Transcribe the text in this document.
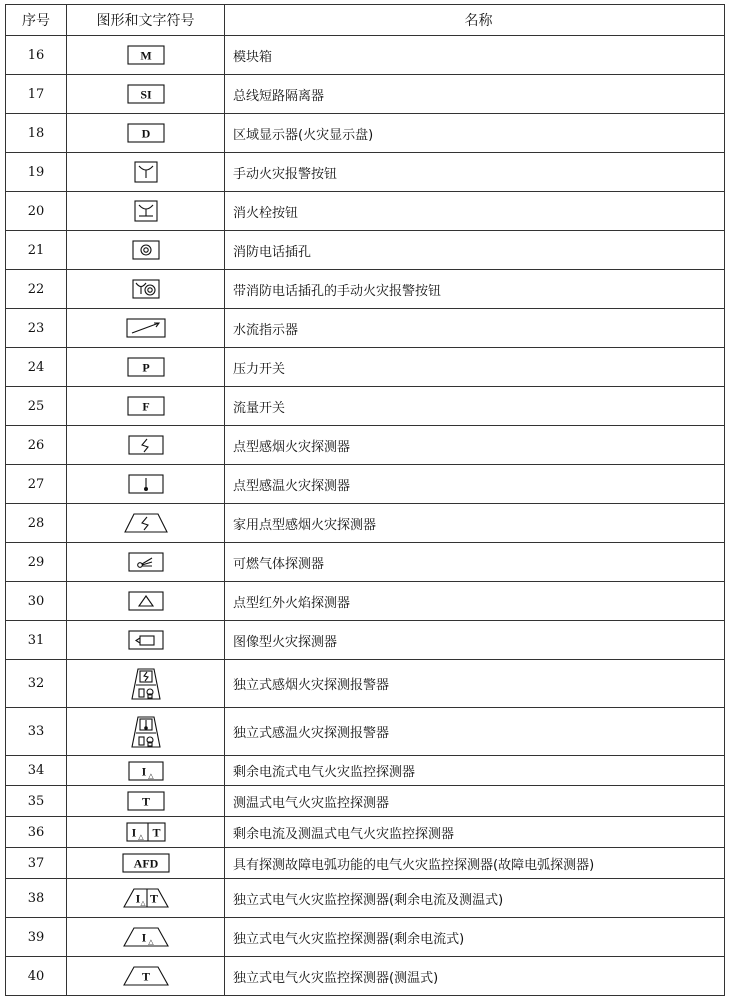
序号	图形和文字符号	名称
16	M	模块箱
17	SI	总线短路隔离器
18	D	区域显示器(火灾显示盘)
19		手动火灾报警按钮
20		消火栓按钮
21		消防电话插孔
22		带消防电话插孔的手动火灾报警按钮
23		水流指示器
24	P	压力开关
25	F	流量开关
26		点型感烟火灾探测器
27		点型感温火灾探测器
28		家用点型感烟火灾探测器
29		可燃气体探测器
30		点型红外火焰探测器
31		图像型火灾探测器
32		独立式感烟火灾探测报警器
33		独立式感温火灾探测报警器
34	I △	剩余电流式电气火灾监控探测器
35	T	测温式电气火灾监控探测器
36	I △ T	剩余电流及测温式电气火灾监控探测器
37	AFD	具有探测故障电弧功能的电气火灾监控探测器(故障电弧探测器)
38	I △ T	独立式电气火灾监控探测器(剩余电流及测温式)
39	I △	独立式电气火灾监控探测器(剩余电流式)
40	T	独立式电气火灾监控探测器(测温式)
